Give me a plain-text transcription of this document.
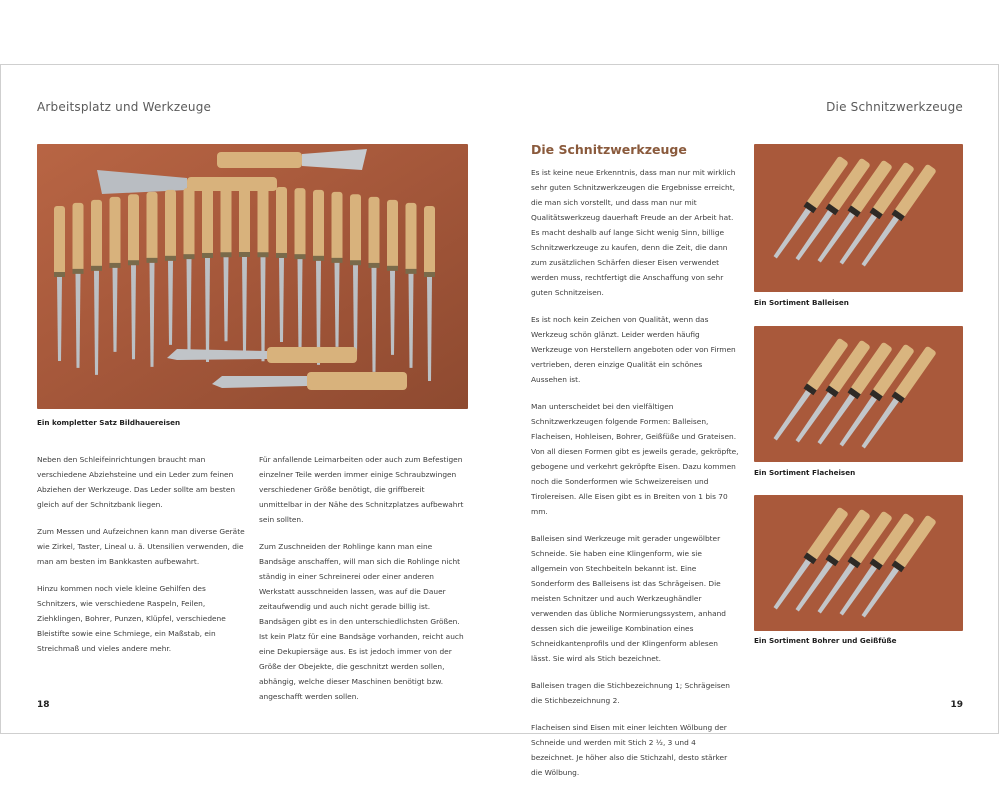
Arbeitsplatz und Werkzeuge	Die Schnitzwerkzeuge
Ein kompletter Satz Bildhauereisen

Neben den Schleifeinrichtungen braucht man verschiedene Abziehsteine und ein Leder zum feinen Abziehen der Werkzeuge. Das Leder sollte am besten gleich auf der Schnitzbank liegen.

Zum Messen und Aufzeichnen kann man diverse Geräte wie Zirkel, Taster, Lineal u. ä. Utensilien verwenden, die man am besten im Bankkasten aufbewahrt.

Hinzu kommen noch viele kleine Gehilfen des Schnitzers, wie verschiedene Raspeln, Feilen, Ziehklingen, Bohrer, Punzen, Klüpfel, verschiedene Bleistifte sowie eine Schmiege, ein Maßstab, ein Streichmaß und vieles andere mehr.

Für anfallende Leimarbeiten oder auch zum Befestigen einzelner Teile werden immer einige Schraubzwingen verschiedener Größe benötigt, die griffbereit unmittelbar in der Nähe des Schnitzplatzes aufbewahrt sein sollten.

Zum Zuschneiden der Rohlinge kann man eine Bandsäge anschaffen, will man sich die Rohlinge nicht ständig in einer Schreinerei oder einer anderen Werkstatt ausschneiden lassen, was auf die Dauer zeitaufwendig und auch nicht gerade billig ist. Bandsägen gibt es in den unterschiedlichsten Größen. Ist kein Platz für eine Bandsäge vorhanden, reicht auch eine Dekupiersäge aus. Es ist jedoch immer von der Größe der Obejekte, die geschnitzt werden sollen, abhängig, welche dieser Maschinen benötigt bzw. angeschafft werden sollen.

18
Die Schnitzwerkzeuge

Es ist keine neue Erkenntnis, dass man nur mit wirklich sehr guten Schnitzwerkzeugen die Ergebnisse erreicht, die man sich vorstellt, und dass man nur mit Qualitätswerkzeug dauerhaft Freude an der Arbeit hat. Es macht deshalb auf lange Sicht wenig Sinn, billige Schnitzwerkzeuge zu kaufen, denn die Zeit, die dann zum zusätzlichen Schärfen dieser Eisen verwendet werden muss, rechtfertigt die Anschaffung von sehr guten Schnitzeisen.

Es ist noch kein Zeichen von Qualität, wenn das Werkzeug schön glänzt. Leider werden häufig Werkzeuge von Herstellern angeboten oder von Firmen vertrieben, deren einzige Qualität ein schönes Aussehen ist.

Man unterscheidet bei den vielfältigen Schnitzwerkzeugen folgende Formen: Balleisen, Flacheisen, Hohleisen, Bohrer, Geißfüße und Grateisen. Von all diesen Formen gibt es jeweils gerade, gekröpfte, gebogene und verkehrt gekröpfte Eisen. Dazu kommen noch die Sonderformen wie Schweizereisen und Tirolereisen. Alle Eisen gibt es in Breiten von 1 bis 70 mm.

Balleisen sind Werkzeuge mit gerader ungewölbter Schneide. Sie haben eine Klingenform, wie sie allgemein von Stechbeiteln bekannt ist. Eine Sonderform des Balleisens ist das Schrägeisen. Die meisten Schnitzer und auch Werkzeughändler verwenden das übliche Normierungssystem, anhand dessen sich die jeweilige Kombination eines Schneidkantenprofils und der Klingenform ablesen lässt. Sie wird als Stich bezeichnet.

Balleisen tragen die Stichbezeichnung 1; Schrägeisen die Stichbezeichnung 2.

Flacheisen sind Eisen mit einer leichten Wölbung der Schneide und werden mit Stich 2 ½, 3 und 4 bezeichnet. Je höher also die Stichzahl, desto stärker die Wölbung.

Ein Sortiment Balleisen
Ein Sortiment Flacheisen
Ein Sortiment Bohrer und Geißfüße
19
